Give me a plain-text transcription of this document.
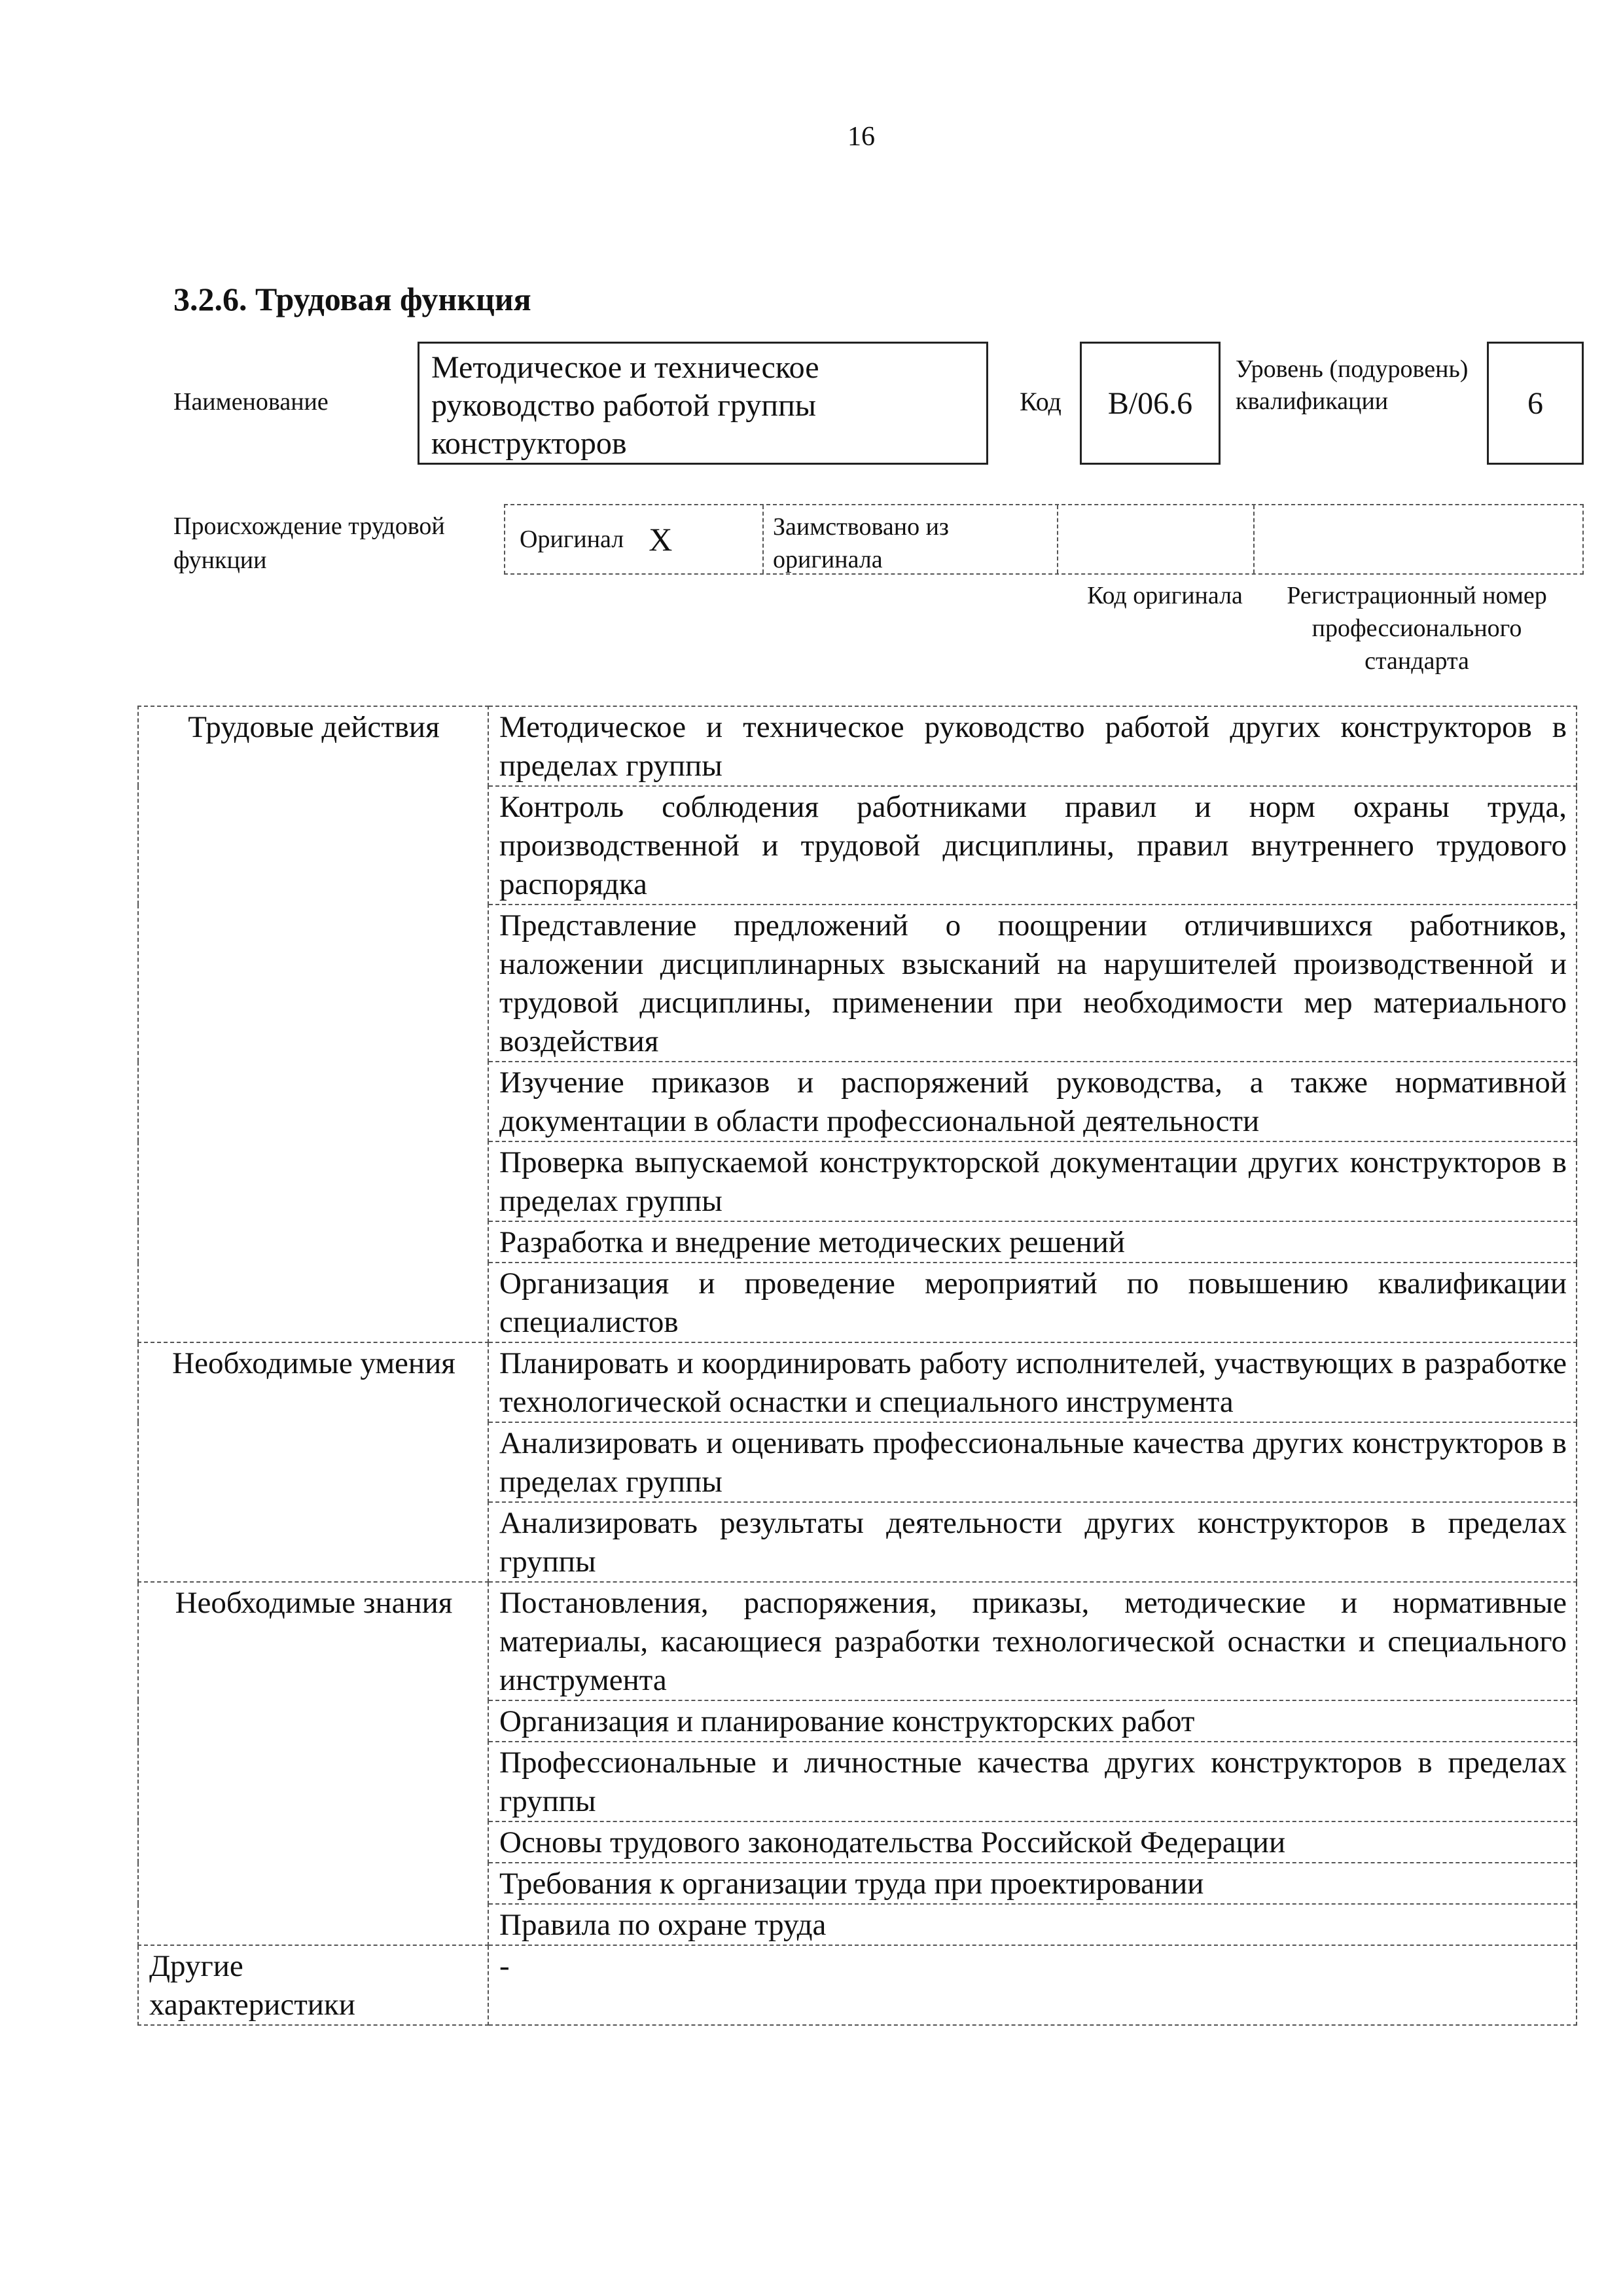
16
3.2.6. Трудовая функция
Наименование
Методическое и техническое руководство работой группы конструкторов
Код В/06.6
Уровень (подуровень) квалификации	6
Происхождение трудовой функции
Оригинал Х	Заимствовано из оригинала
Код оригинала	Регистрационный номер профессионального стандарта
Трудовые действия	Методическое и техническое руководство работой других конструкторов в пределах группы
	Контроль соблюдения работниками правил и норм охраны труда, производственной и трудовой дисциплины, правил внутреннего трудового распорядка
	Представление предложений о поощрении отличившихся работников, наложении дисциплинарных взысканий на нарушителей производственной и трудовой дисциплины, применении при необходимости мер материального воздействия
	Изучение приказов и распоряжений руководства, а также нормативной документации в области профессиональной деятельности
	Проверка выпускаемой конструкторской документации других конструкторов в пределах группы
	Разработка и внедрение методических решений
	Организация и проведение мероприятий по повышению квалификации специалистов
Необходимые умения	Планировать и координировать работу исполнителей, участвующих в разработке технологической оснастки и специального инструмента
	Анализировать и оценивать профессиональные качества других конструкторов в пределах группы
	Анализировать результаты деятельности других конструкторов в пределах группы
Необходимые знания	Постановления, распоряжения, приказы, методические и нормативные материалы, касающиеся разработки технологической оснастки и специального инструмента
	Организация и планирование конструкторских работ
	Профессиональные и личностные качества других конструкторов в пределах группы
	Основы трудового законодательства Российской Федерации
	Требования к организации труда при проектировании
	Правила по охране труда

Другие характеристики	-
